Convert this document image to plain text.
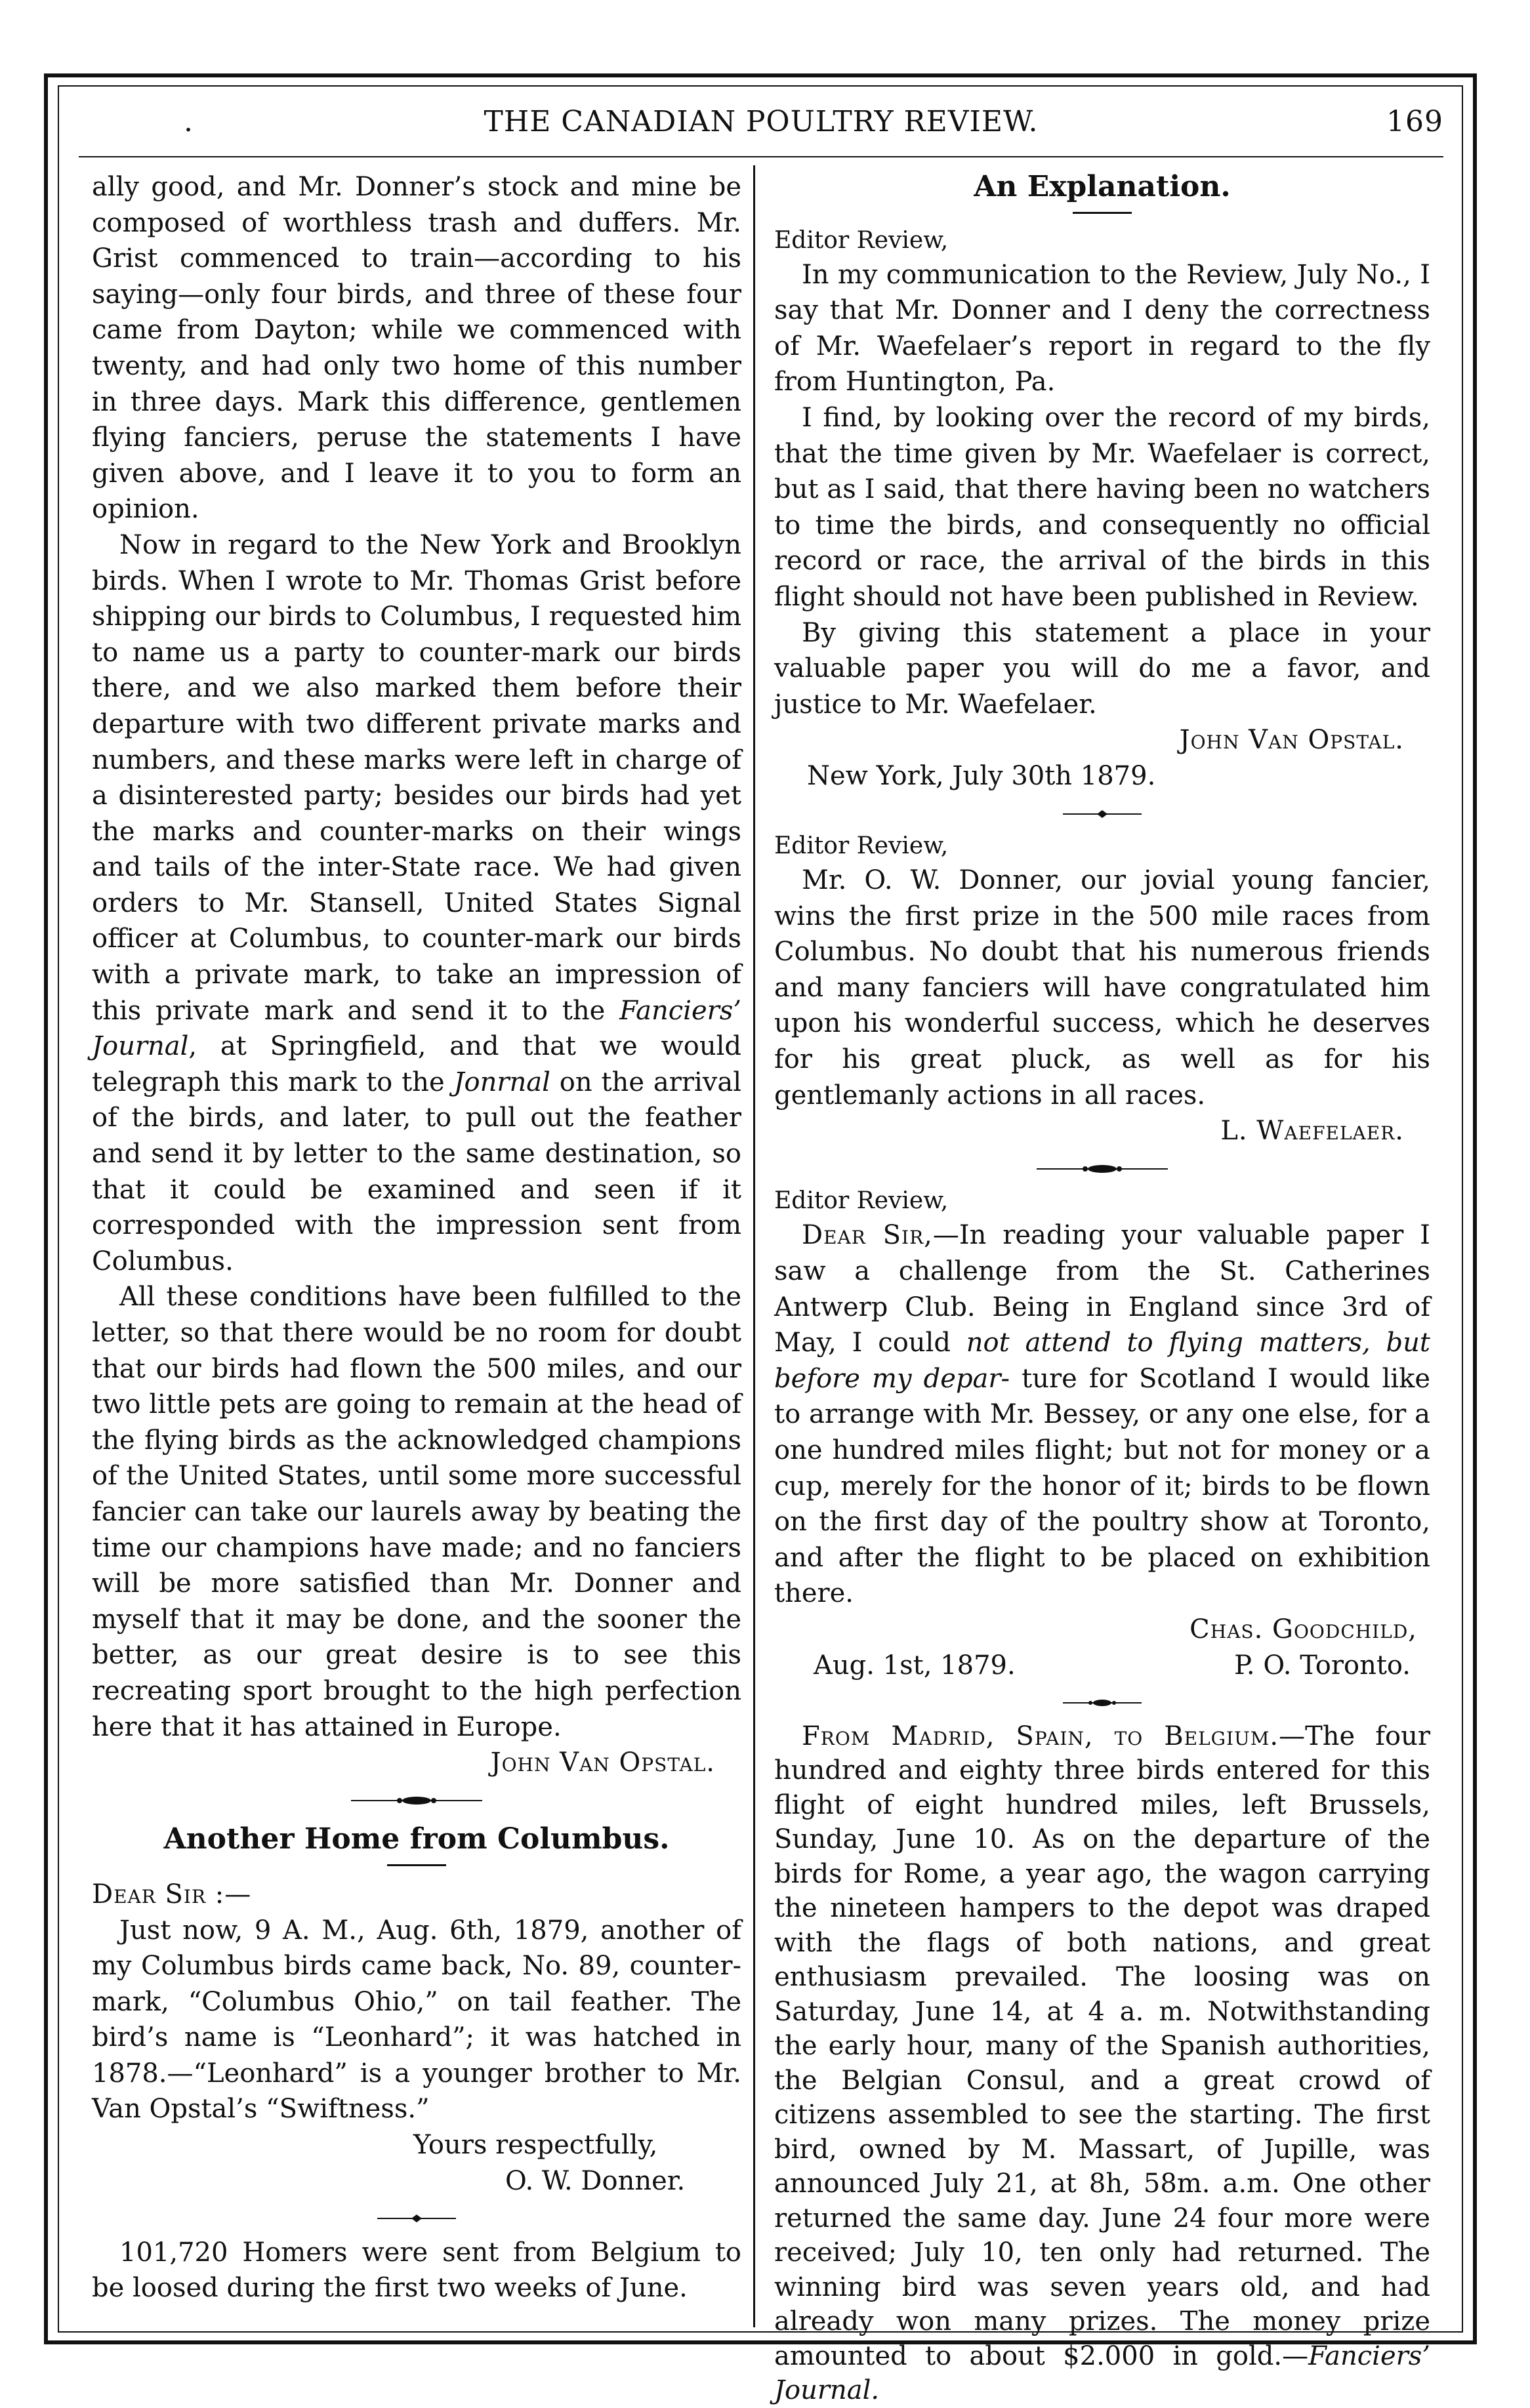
.	THE CANADIAN POULTRY REVIEW.	169

ally good, and Mr. Donner’s stock and mine be composed of worthless trash and duffers. Mr. Grist commenced to train—according to his saying—only four birds, and three of these four came from Dayton; while we commenced with twenty, and had only two home of this number in three days. Mark this difference, gentlemen flying fanciers, peruse the statements I have given above, and I leave it to you to form an opinion.

Now in regard to the New York and Brooklyn birds. When I wrote to Mr. Thomas Grist before shipping our birds to Columbus, I requested him to name us a party to counter-mark our birds there, and we also marked them before their departure with two different private marks and numbers, and these marks were left in charge of a disinterested party; besides our birds had yet the marks and counter-marks on their wings and tails of the inter-State race. We had given orders to Mr. Stansell, United States Signal officer at Columbus, to counter-mark our birds with a private mark, to take an impression of this private mark and send it to the Fanciers’ Journal, at Springfield, and that we would telegraph this mark to the Jonrnal on the arrival of the birds, and later, to pull out the feather and send it by letter to the same destination, so that it could be examined and seen if it corresponded with the impression sent from Columbus.

All these conditions have been fulfilled to the letter, so that there would be no room for doubt that our birds had flown the 500 miles, and our two little pets are going to remain at the head of the flying birds as the acknowledged champions of the United States, until some more successful fancier can take our laurels away by beating the time our champions have made; and no fanciers will be more satisfied than Mr. Donner and myself that it may be done, and the sooner the better, as our great desire is to see this recreating sport brought to the high perfection here that it has attained in Europe.

John Van Opstal.

Another Home from Columbus.

Dear Sir :—

Just now, 9 A. M., Aug. 6th, 1879, another of my Columbus birds came back, No. 89, counter-mark, “Columbus Ohio,” on tail feather. The bird’s name is “Leonhard”; it was hatched in 1878.—“Leonhard” is a younger brother to Mr. Van Opstal’s “Swiftness.”

Yours respectfully,

O. W. Donner.

101,720 Homers were sent from Belgium to be loosed during the first two weeks of June.

An Explanation.

Editor Review,

In my communication to the Review, July No., I say that Mr. Donner and I deny the correctness of Mr. Waefelaer’s report in regard to the fly from Huntington, Pa.

I find, by looking over the record of my birds, that the time given by Mr. Waefelaer is correct, but as I said, that there having been no watchers to time the birds, and consequently no official record or race, the arrival of the birds in this flight should not have been published in Review.

By giving this statement a place in your valuable paper you will do me a favor, and justice to Mr. Waefelaer.

John Van Opstal.

New York, July 30th 1879.

Editor Review,

Mr. O. W. Donner, our jovial young fancier, wins the first prize in the 500 mile races from Columbus. No doubt that his numerous friends and many fanciers will have congratulated him upon his wonderful success, which he deserves for his great pluck, as well as for his gentlemanly actions in all races.

L. Waefelaer.

Editor Review,

Dear Sir,—In reading your valuable paper I saw a challenge from the St. Catherines Antwerp Club. Being in England since 3rd of May, I could not attend to flying matters, but before my depar- ture for Scotland I would like to arrange with Mr. Bessey, or any one else, for a one hundred miles flight; but not for money or a cup, merely for the honor of it; birds to be flown on the first day of the poultry show at Toronto, and after the flight to be placed on exhibition there.

Chas. Goodchild,

Aug. 1st, 1879.	P. O. Toronto.

From Madrid, Spain, to Belgium.—The four hundred and eighty three birds entered for this flight of eight hundred miles, left Brussels, Sunday, June 10. As on the departure of the birds for Rome, a year ago, the wagon carrying the nineteen hampers to the depot was draped with the flags of both nations, and great enthusiasm prevailed. The loosing was on Saturday, June 14, at 4 a. m. Notwithstanding the early hour, many of the Spanish authorities, the Belgian Consul, and a great crowd of citizens assembled to see the starting. The first bird, owned by M. Massart, of Jupille, was announced July 21, at 8h, 58m. a.m. One other returned the same day. June 24 four more were received; July 10, ten only had returned. The winning bird was seven years old, and had already won many prizes. The money prize amounted to about $2.000 in gold.—Fanciers’ Journal.
